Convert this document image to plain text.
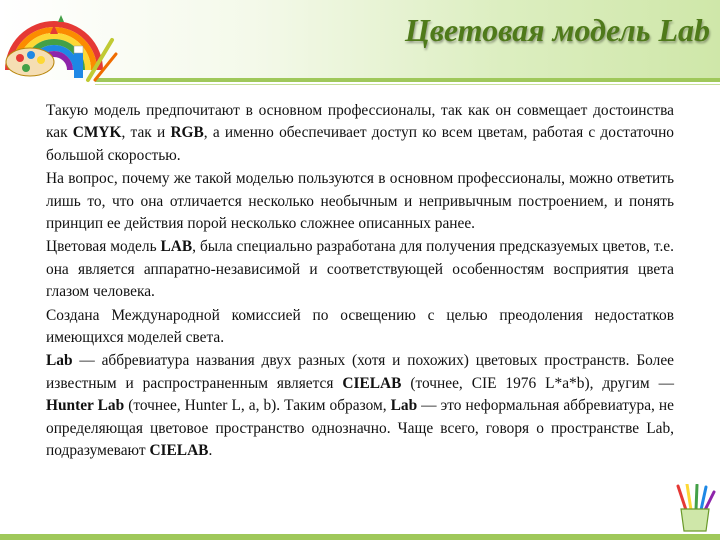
Цветовая модель Lab

Такую модель предпочитают в основном профессионалы, так как он совмещает достоинства как CMYK, так и RGB, а именно обеспечивает доступ ко всем цветам, работая с достаточно большой скоростью.

На вопрос, почему же такой моделью пользуются в основном профессионалы, можно ответить лишь то, что она отличается несколько необычным и непривычным построением, и понять принцип ее действия порой несколько сложнее описанных ранее.

Цветовая модель LAB, была специально разработана для получения предсказуемых цветов, т.е. она является аппаратно-независимой и соответствующей особенностям восприятия цвета глазом человека.

Создана Международной комиссией по освещению с целью преодоления недостатков имеющихся моделей света.

Lab — аббревиатура названия двух разных (хотя и похожих) цветовых пространств. Более известным и распространенным является CIELAB (точнее, CIE 1976 L*a*b), другим — Hunter Lab (точнее, Hunter L, a, b). Таким образом, Lab — это неформальная аббревиатура, не определяющая цветовое пространство однозначно. Чаще всего, говоря о пространстве Lab, подразумевают CIELAB.
